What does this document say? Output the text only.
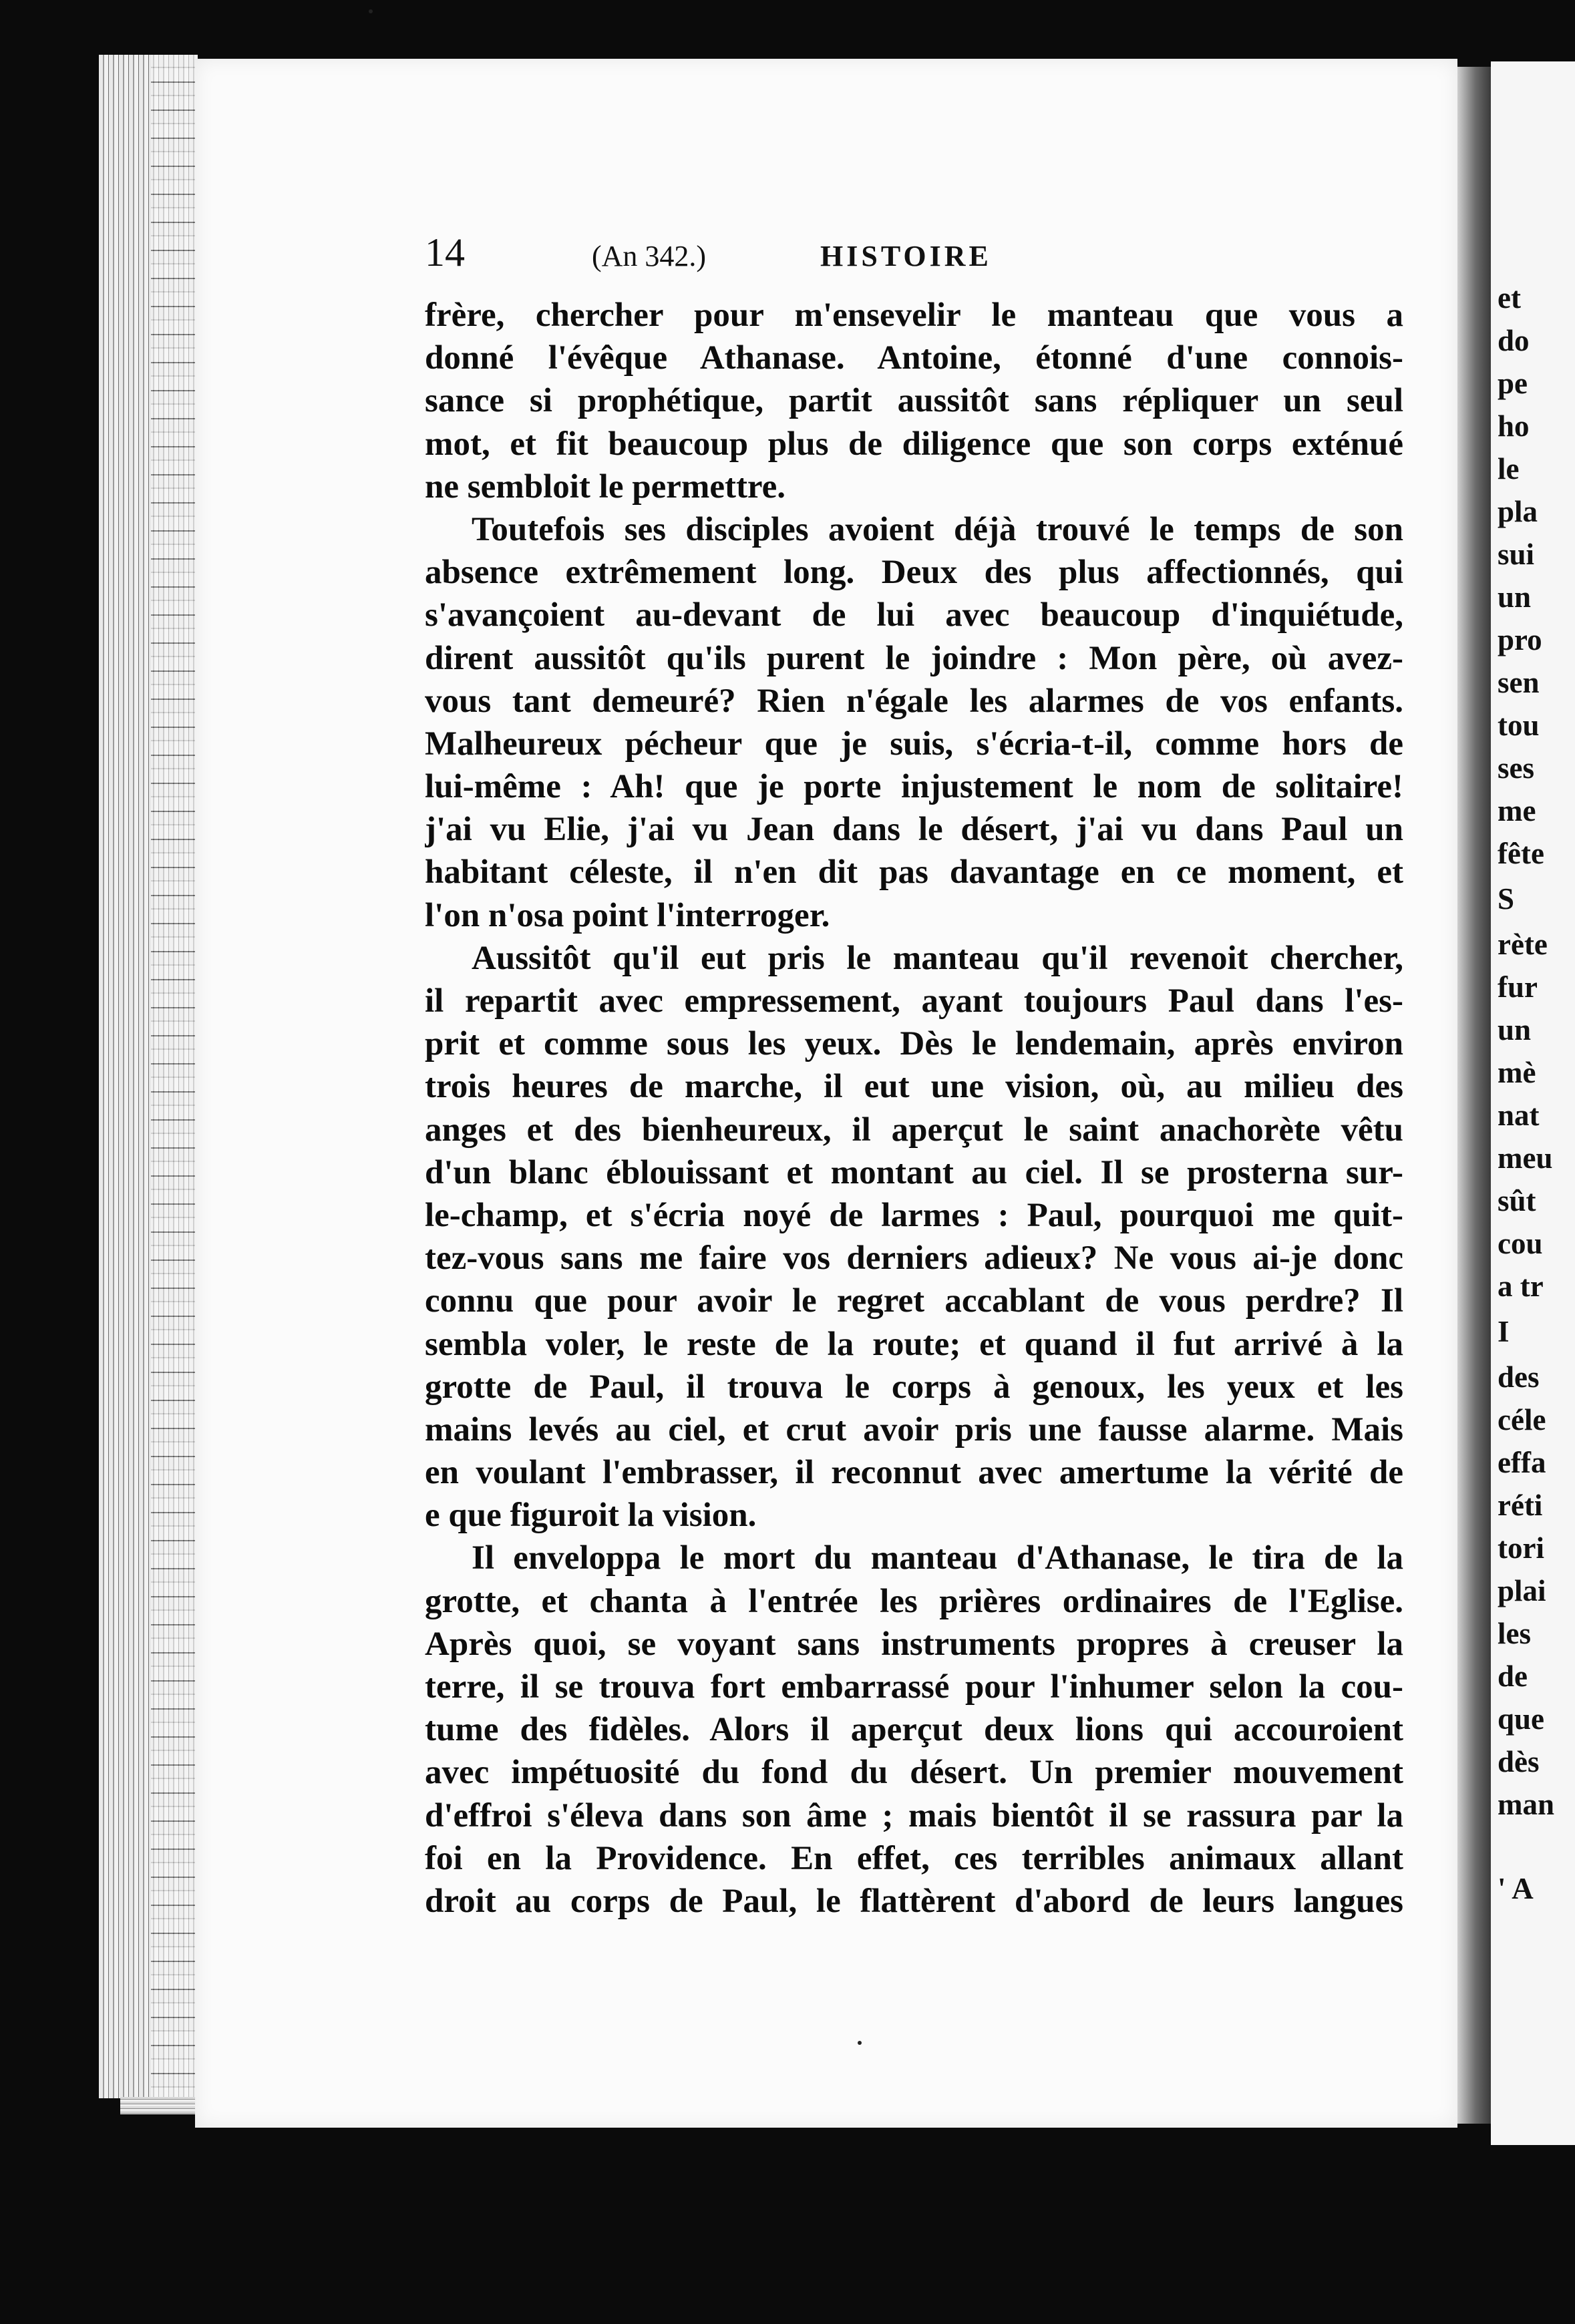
et
do
pe
ho
le
pla
sui
un
pro
sen
tou
ses
me
fête
S
rète
fur
un
mè
nat
meu
sût
cou
a tr
I
des
céle
effa
réti
tori
plai
les
de
que
dès
man
' A
14	(An 342.)	HISTOIRE
frère, chercher pour m'ensevelir le manteau que vous a
donné l'évêque Athanase. Antoine, étonné d'une connois-
sance si prophétique, partit aussitôt sans répliquer un seul
mot, et fit beaucoup plus de diligence que son corps exténué
ne sembloit le permettre.
Toutefois ses disciples avoient déjà trouvé le temps de son
absence extrêmement long. Deux des plus affectionnés, qui
s'avançoient au-devant de lui avec beaucoup d'inquiétude,
dirent aussitôt qu'ils purent le joindre : Mon père, où avez-
vous tant demeuré? Rien n'égale les alarmes de vos enfants.
Malheureux pécheur que je suis, s'écria-t-il, comme hors de
lui-même : Ah! que je porte injustement le nom de solitaire!
j'ai vu Elie, j'ai vu Jean dans le désert, j'ai vu dans Paul un
habitant céleste, il n'en dit pas davantage en ce moment, et
l'on n'osa point l'interroger.
Aussitôt qu'il eut pris le manteau qu'il revenoit chercher,
il repartit avec empressement, ayant toujours Paul dans l'es-
prit et comme sous les yeux. Dès le lendemain, après environ
trois heures de marche, il eut une vision, où, au milieu des
anges et des bienheureux, il aperçut le saint anachorète vêtu
d'un blanc éblouissant et montant au ciel. Il se prosterna sur-
le-champ, et s'écria noyé de larmes : Paul, pourquoi me quit-
tez-vous sans me faire vos derniers adieux? Ne vous ai-je donc
connu que pour avoir le regret accablant de vous perdre? Il
sembla voler, le reste de la route; et quand il fut arrivé à la
grotte de Paul, il trouva le corps à genoux, les yeux et les
mains levés au ciel, et crut avoir pris une fausse alarme. Mais
en voulant l'embrasser, il reconnut avec amertume la vérité de
e que figuroit la vision.
Il enveloppa le mort du manteau d'Athanase, le tira de la
grotte, et chanta à l'entrée les prières ordinaires de l'Eglise.
Après quoi, se voyant sans instruments propres à creuser la
terre, il se trouva fort embarrassé pour l'inhumer selon la cou-
tume des fidèles. Alors il aperçut deux lions qui accouroient
avec impétuosité du fond du désert. Un premier mouvement
d'effroi s'éleva dans son âme ; mais bientôt il se rassura par la
foi en la Providence. En effet, ces terribles animaux allant
droit au corps de Paul, le flattèrent d'abord de leurs langues
